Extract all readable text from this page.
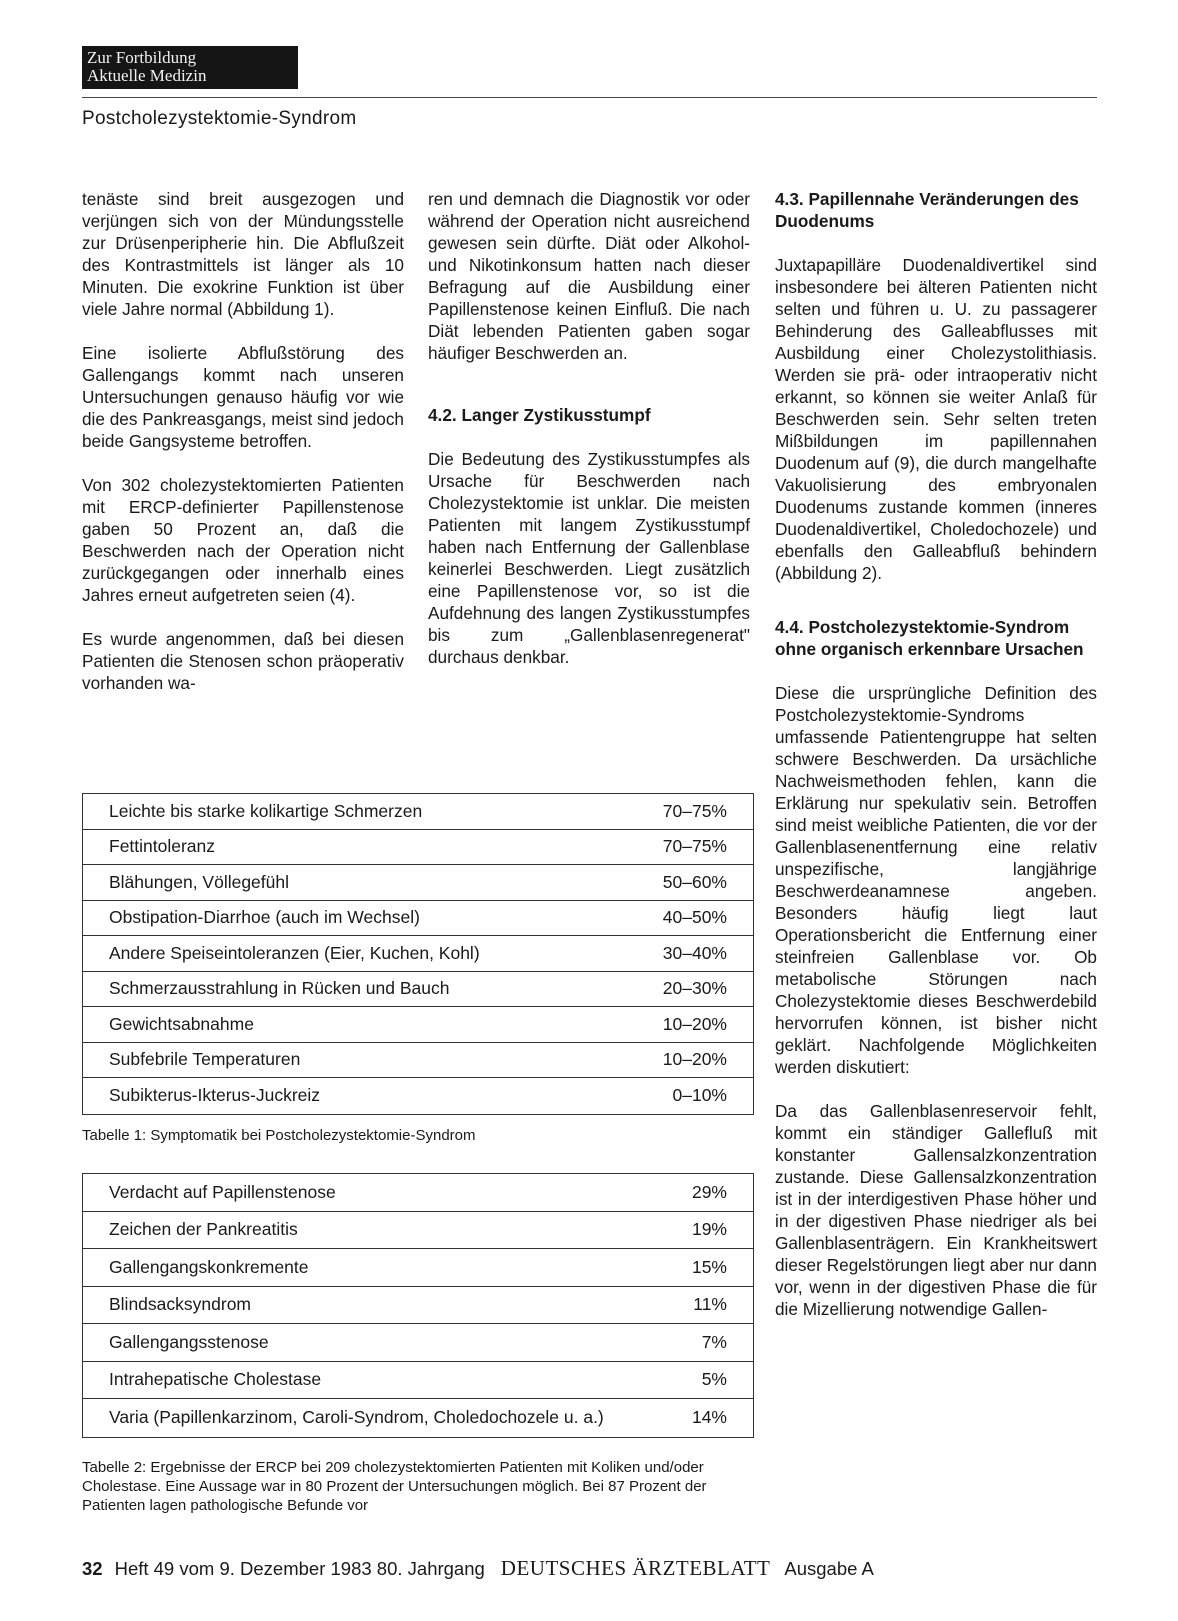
Zur Fortbildung
Aktuelle Medizin
Postcholezystektomie-Syndrom

tenäste sind breit ausgezogen und verjüngen sich von der Mündungsstelle zur Drüsenperipherie hin. Die Abflußzeit des Kontrastmittels ist länger als 10 Minuten. Die exokrine Funktion ist über viele Jahre normal (Abbildung 1).

Eine isolierte Abflußstörung des Gallengangs kommt nach unseren Untersuchungen genauso häufig vor wie die des Pankreasgangs, meist sind jedoch beide Gangsysteme betroffen.

Von 302 cholezystektomierten Patienten mit ERCP-definierter Papillenstenose gaben 50 Prozent an, daß die Beschwerden nach der Operation nicht zurückgegangen oder innerhalb eines Jahres erneut aufgetreten seien (4).

Es wurde angenommen, daß bei diesen Patienten die Stenosen schon präoperativ vorhanden wa-

ren und demnach die Diagnostik vor oder während der Operation nicht ausreichend gewesen sein dürfte. Diät oder Alkohol- und Nikotinkonsum hatten nach dieser Befragung auf die Ausbildung einer Papillenstenose keinen Einfluß. Die nach Diät lebenden Patienten gaben sogar häufiger Beschwerden an.

4.2. Langer Zystikusstumpf

Die Bedeutung des Zystikusstumpfes als Ursache für Beschwerden nach Cholezystektomie ist unklar. Die meisten Patienten mit langem Zystikusstumpf haben nach Entfernung der Gallenblase keinerlei Beschwerden. Liegt zusätzlich eine Papillenstenose vor, so ist die Aufdehnung des langen Zystikusstumpfes bis zum „Gallenblasenregenerat" durchaus denkbar.

4.3. Papillennahe Veränderungen des Duodenums

Juxtapapilläre Duodenaldivertikel sind insbesondere bei älteren Patienten nicht selten und führen u. U. zu passagerer Behinderung des Galleabflusses mit Ausbildung einer Cholezystolithiasis. Werden sie prä- oder intraoperativ nicht erkannt, so können sie weiter Anlaß für Beschwerden sein. Sehr selten treten Mißbildungen im papillennahen Duodenum auf (9), die durch mangelhafte Vakuolisierung des embryonalen Duodenums zustande kommen (inneres Duodenaldivertikel, Choledochozele) und ebenfalls den Galleabfluß behindern (Abbildung 2).

4.4. Postcholezystektomie-Syndrom ohne organisch erkennbare Ursachen

Diese die ursprüngliche Definition des Postcholezystektomie-Syndroms umfassende Patientengruppe hat selten schwere Beschwerden. Da ursächliche Nachweismethoden fehlen, kann die Erklärung nur spekulativ sein. Betroffen sind meist weibliche Patienten, die vor der Gallenblasenentfernung eine relativ unspezifische, langjährige Beschwerdeanamnese angeben. Besonders häufig liegt laut Operationsbericht die Entfernung einer steinfreien Gallenblase vor. Ob metabolische Störungen nach Cholezystektomie dieses Beschwerdebild hervorrufen können, ist bisher nicht geklärt. Nachfolgende Möglichkeiten werden diskutiert:

Da das Gallenblasenreservoir fehlt, kommt ein ständiger Gallefluß mit konstanter Gallensalzkonzentration zustande. Diese Gallensalzkonzentration ist in der interdigestiven Phase höher und in der digestiven Phase niedriger als bei Gallenblasenträgern. Ein Krankheitswert dieser Regelstörungen liegt aber nur dann vor, wenn in der digestiven Phase die für die Mizellierung notwendige Gallen-

Leichte bis starke kolikartige Schmerzen	70–75%
Fettintoleranz	70–75%
Blähungen, Völlegefühl	50–60%
Obstipation-Diarrhoe (auch im Wechsel)	40–50%
Andere Speiseintoleranzen (Eier, Kuchen, Kohl)	30–40%
Schmerzausstrahlung in Rücken und Bauch	20–30%
Gewichtsabnahme	10–20%
Subfebrile Temperaturen	10–20%
Subikterus-Ikterus-Juckreiz	0–10%
Tabelle 1: Symptomatik bei Postcholezystektomie-Syndrom
Verdacht auf Papillenstenose	29%
Zeichen der Pankreatitis	19%
Gallengangskonkremente	15%
Blindsacksyndrom	11%
Gallengangsstenose	7%
Intrahepatische Cholestase	5%
Varia (Papillenkarzinom, Caroli-Syndrom, Choledochozele u. a.)	14%
Tabelle 2: Ergebnisse der ERCP bei 209 cholezystektomierten Patienten mit Koliken und/oder Cholestase. Eine Aussage war in 80 Prozent der Untersuchungen möglich. Bei 87 Prozent der Patienten lagen pathologische Befunde vor
32 Heft 49 vom 9. Dezember 1983 80. Jahrgang DEUTSCHES ÄRZTEBLATT Ausgabe A
